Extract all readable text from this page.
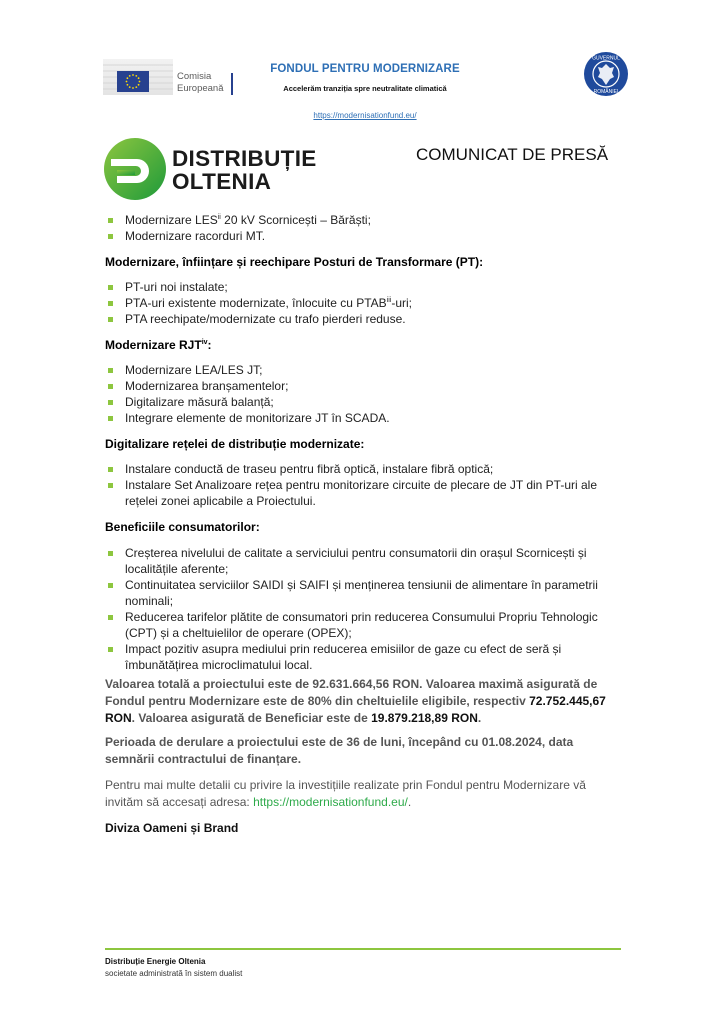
Comisia
Europeană
FONDUL PENTRU MODERNIZARE
Accelerăm tranziția spre neutralitate climatică
https://modernisationfund.eu/
GUVERNUL
ROMÂNIEI
DISTRIBUȚIE
OLTENIA
COMUNICAT DE PRESĂ
Modernizare LES$^{ii}$ 20 kV Scornicești – Bărăști;
Modernizare racorduri MT.
Modernizare, înființare și reechipare Posturi de Transformare (PT):
PT-uri noi instalate;
PTA-uri existente modernizate, înlocuite cu PTAB$^{iii}$-uri;
PTA reechipate/modernizate cu trafo pierderi reduse.
Modernizare RJT$^{iv}$:
Modernizare LEA/LES JT;
Modernizarea branșamentelor;
Digitalizare măsură balanță;
Integrare elemente de monitorizare JT în SCADA.
Digitalizare rețelei de distribuție modernizate:
Instalare conductă de traseu pentru fibră optică, instalare fibră optică;
Instalare Set Analizoare rețea pentru monitorizare circuite de plecare de JT din PT-uri ale rețelei zonei aplicabile a Proiectului.
Beneficiile consumatorilor:
Creșterea nivelului de calitate a serviciului pentru consumatorii din orașul Scornicești și localitățile aferente;
Continuitatea serviciilor SAIDI și SAIFI și menținerea tensiunii de alimentare în parametrii nominali;
Reducerea tarifelor plătite de consumatori prin reducerea Consumului Propriu Tehnologic (CPT) și a cheltuielilor de operare (OPEX);
Impact pozitiv asupra mediului prin reducerea emisiilor de gaze cu efect de seră și îmbunătățirea microclimatului local.
Valoarea totală a proiectului este de 92.631.664,56 RON. Valoarea maximă asigurată de Fondul pentru Modernizare este de 80% din cheltuielile eligibile, respectiv 72.752.445,67 RON. Valoarea asigurată de Beneficiar este de 19.879.218,89 RON.
Perioada de derulare a proiectului este de 36 de luni, începând cu 01.08.2024, data semnării contractului de finanțare.
Pentru mai multe detalii cu privire la investițiile realizate prin Fondul pentru Modernizare vă invităm să accesați adresa: https://modernisationfund.eu/.
Diviza Oameni și Brand
Distribuție Energie Oltenia
societate administrată în sistem dualist
